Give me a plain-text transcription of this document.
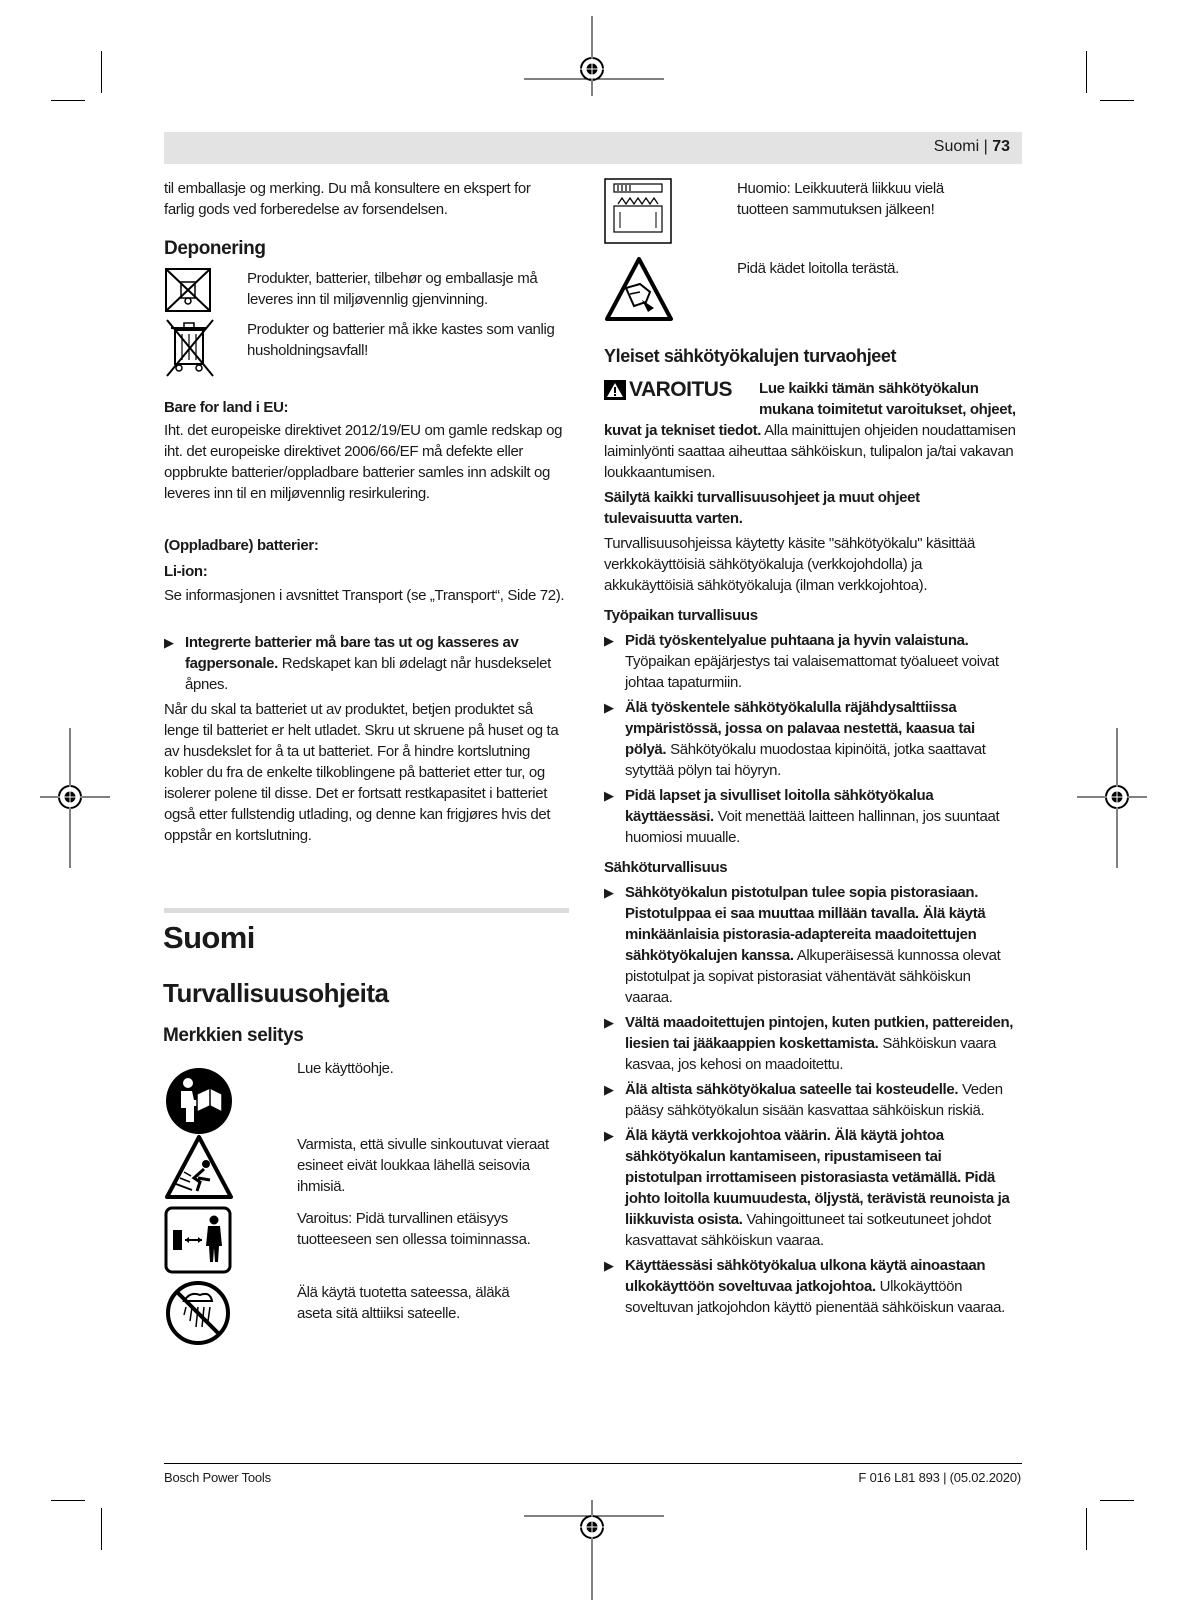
Suomi | 73

til emballasje og merking. Du må konsultere en ekspert for farlig gods ved forberedelse av forsendelsen.

Deponering

Produkter, batterier, tilbehør og emballasje må leveres inn til miljøvennlig gjenvinning.

Produkter og batterier må ikke kastes som vanlig husholdningsavfall!

Bare for land i EU:

Iht. det europeiske direktivet 2012/19/EU om gamle redskap og iht. det europeiske direktivet 2006/66/EF må defekte eller oppbrukte batterier/oppladbare batterier samles inn adskilt og leveres inn til en miljøvennlig resirkulering.

(Oppladbare) batterier:
Li-ion:

Se informasjonen i avsnittet Transport (se „Transport“, Side 72).

▶ Integrerte batterier må bare tas ut og kasseres av fagpersonale. Redskapet kan bli ødelagt når husdekselet åpnes.

Når du skal ta batteriet ut av produktet, betjen produktet så lenge til batteriet er helt utladet. Skru ut skruene på huset og ta av husdekslet for å ta ut batteriet. For å hindre kortslutning kobler du fra de enkelte tilkoblingene på batteriet etter tur, og isolerer polene til disse. Det er fortsatt restkapasitet i batteriet også etter fullstendig utlading, og denne kan frigjøres hvis det oppstår en kortslutning.

Suomi
Turvallisuusohjeita
Merkkien selitys

Lue käyttöohje.

Varmista, että sivulle sinkoutuvat vieraat esineet eivät loukkaa lähellä seisovia ihmisiä.

Varoitus: Pidä turvallinen etäisyys tuotteeseen sen ollessa toiminnassa.

Älä käytä tuotetta sateessa, äläkä aseta sitä alttiiksi sateelle.

Huomio: Leikkuuterä liikkuu vielä tuotteen sammutuksen jälkeen!

Pidä kädet loitolla terästä.

Yleiset sähkötyökalujen turvaohjeet
VAROITUS	Lue kaikki tämän sähkötyökalun mukana toimitetut varoitukset, ohjeet, kuvat ja tekniset tiedot. Alla mainittujen ohjeiden noudattamisen laiminlyönti saattaa aiheuttaa sähköiskun, tulipalon ja/tai vakavan loukkaantumisen.

Säilytä kaikki turvallisuusohjeet ja muut ohjeet tulevaisuutta varten.

Turvallisuusohjeissa käytetty käsite "sähkötyökalu" käsittää verkkokäyttöisiä sähkötyökaluja (verkkojohdolla) ja akkukäyttöisiä sähkötyökaluja (ilman verkkojohtoa).

Työpaikan turvallisuus
▶ Pidä työskentelyalue puhtaana ja hyvin valaistuna. Työpaikan epäjärjestys tai valaisemattomat työalueet voivat johtaa tapaturmiin.
▶ Älä työskentele sähkötyökalulla räjähdysalttiissa ympäristössä, jossa on palavaa nestettä, kaasua tai pölyä. Sähkötyökalu muodostaa kipinöitä, jotka saattavat sytyttää pölyn tai höyryn.
▶ Pidä lapset ja sivulliset loitolla sähkötyökalua käyttäessäsi. Voit menettää laitteen hallinnan, jos suuntaat huomiosi muualle.
Sähköturvallisuus
▶ Sähkötyökalun pistotulpan tulee sopia pistorasiaan. Pistotulppaa ei saa muuttaa millään tavalla. Älä käytä minkäänlaisia pistorasia-adaptereita maadoitettujen sähkötyökalujen kanssa. Alkuperäisessä kunnossa olevat pistotulpat ja sopivat pistorasiat vähentävät sähköiskun vaaraa.
▶ Vältä maadoitettujen pintojen, kuten putkien, pattereiden, liesien tai jääkaappien koskettamista. Sähköiskun vaara kasvaa, jos kehosi on maadoitettu.
▶ Älä altista sähkötyökalua sateelle tai kosteudelle. Veden pääsy sähkötyökalun sisään kasvattaa sähköiskun riskiä.
▶ Älä käytä verkkojohtoa väärin. Älä käytä johtoa sähkötyökalun kantamiseen, ripustamiseen tai pistotulpan irrottamiseen pistorasiasta vetämällä. Pidä johto loitolla kuumuudesta, öljystä, terävistä reunoista ja liikkuvista osista. Vahingoittuneet tai sotkeutuneet johdot kasvattavat sähköiskun vaaraa.
▶ Käyttäessäsi sähkötyökalua ulkona käytä ainoastaan ulkokäyttöön soveltuvaa jatkojohtoa. Ulkokäyttöön soveltuvan jatkojohdon käyttö pienentää sähköiskun vaaraa.
Bosch Power Tools	F 016 L81 893 | (05.02.2020)
